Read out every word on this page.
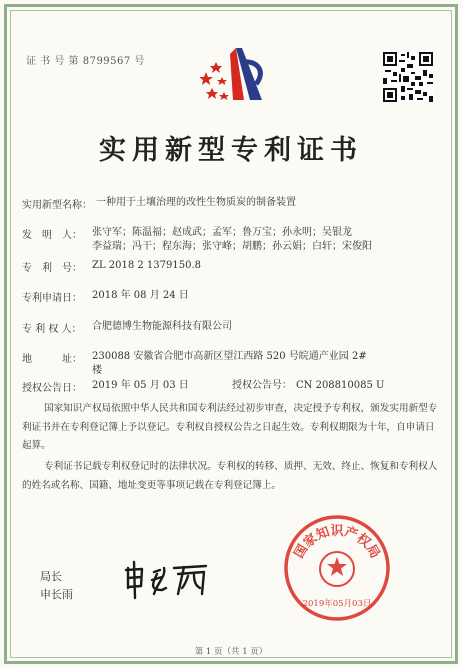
证 书 号 第 8799567 号
实用新型专利证书
实用新型名称： 一种用于土壤治理的改性生物质炭的制备装置
发　明　人： 张守军；陈温福；赵成武；孟军；鲁万宝；孙永明；吴银龙
李益瑞；冯干；程东海；张守峰；胡鹏；孙云娟；白轩；宋俊阳
专　利　号： ZL 2018 2 1379150.8
专利申请日： 2018 年 08 月 24 日
专 利 权 人： 合肥德博生物能源科技有限公司
地　　　址： 230088 安徽省合肥市高新区望江西路 520 号皖通产业园 2#
楼
授权公告日： 2019 年 05 月 03 日	授权公告号： CN 208810085 U
国家知识产权局依照中华人民共和国专利法经过初步审查，决定授予专利权，颁发实用新型专利证书并在专利登记簿上予以登记。专利权自授权公告之日起生效。专利权期限为十年，自申请日起算。
专利证书记载专利权登记时的法律状况。专利权的转移、质押、无效、终止、恢复和专利权人的姓名或名称、国籍、地址变更等事项记载在专利登记簿上。
局长
申长雨
国家知识产权局
2019年05月03日
第 1 页（共 1 页）
